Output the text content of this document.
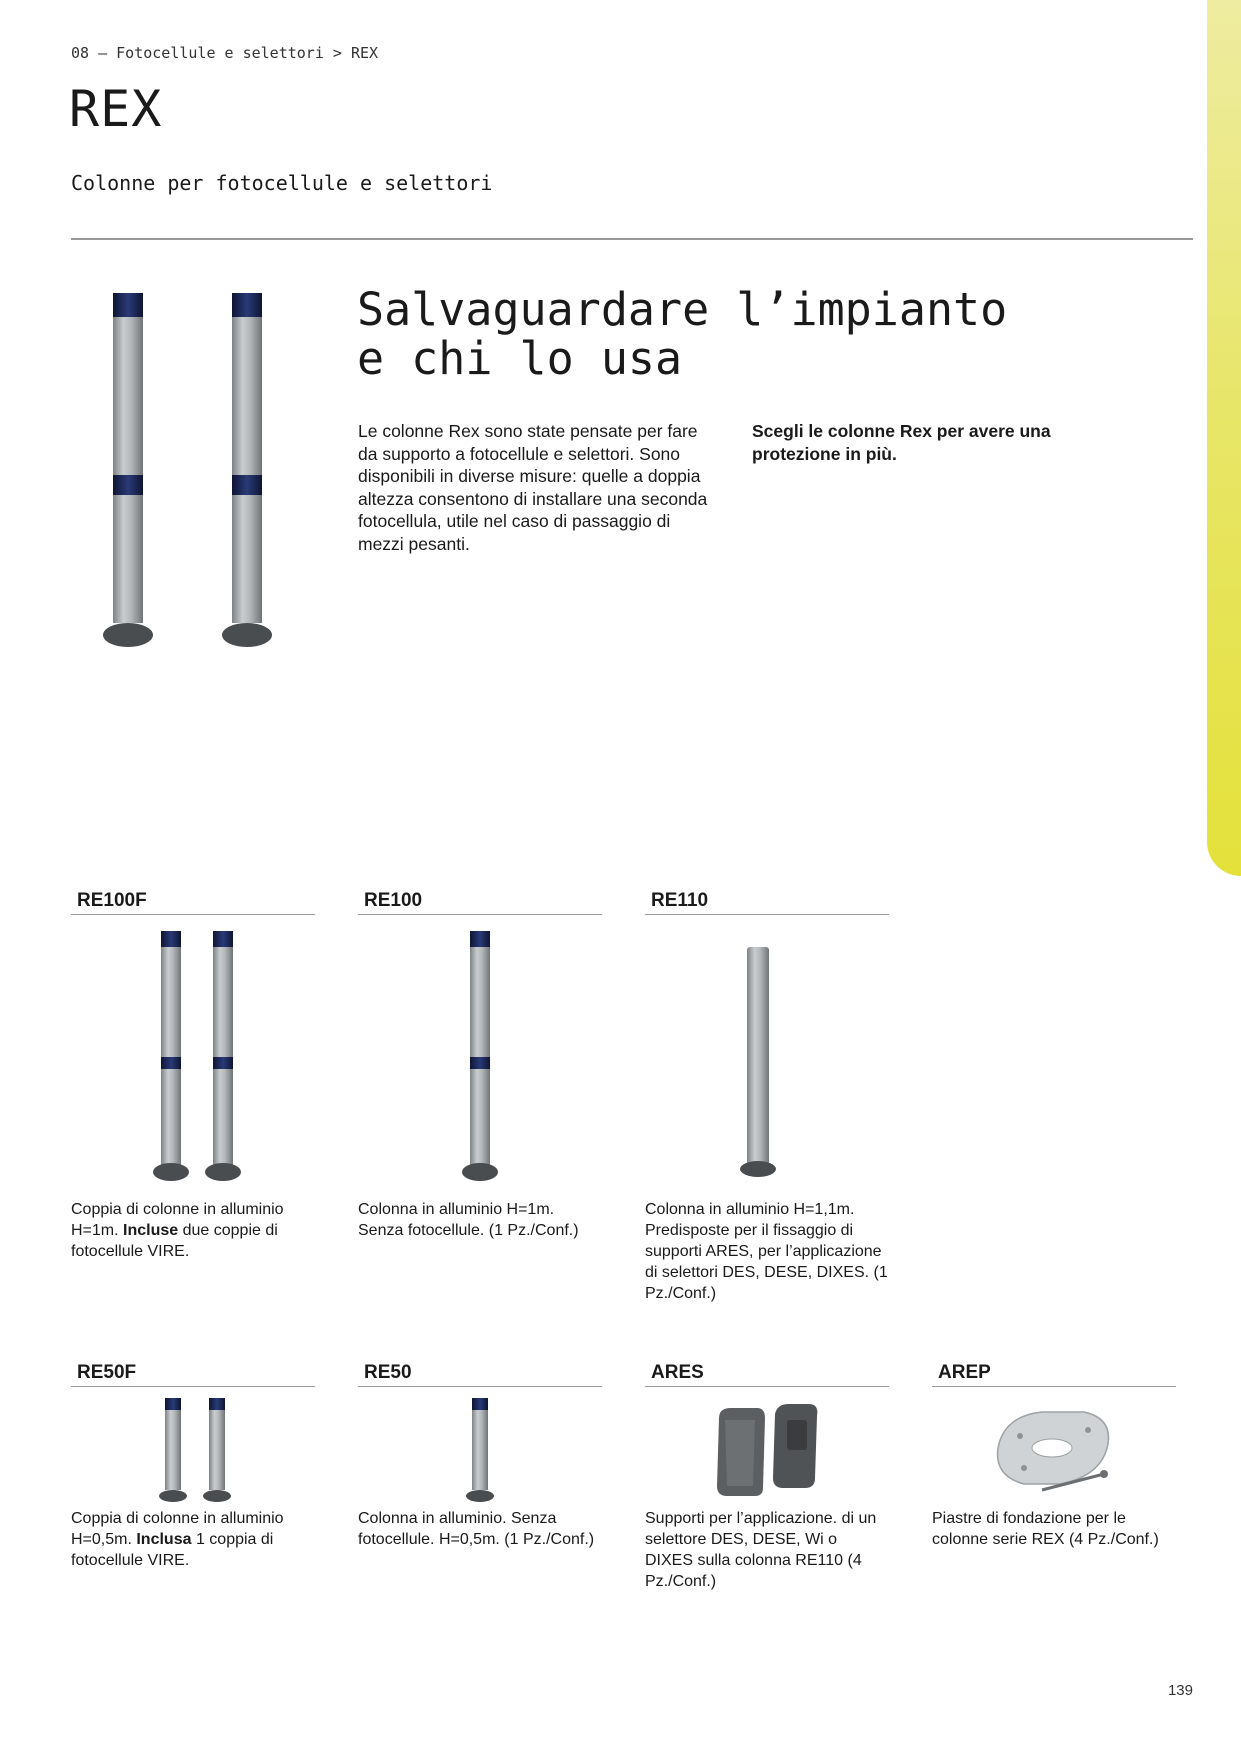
08 — Fotocellule e selettori > REX
REX
Colonne per fotocellule e selettori
Salvaguardare l’impianto
e chi lo usa

Le colonne Rex sono state pensate per fare da supporto a fotocellule e selettori. Sono disponibili in diverse misure: quelle a doppia altezza consentono di installare una seconda fotocellula, utile nel caso di passaggio di mezzi pesanti.

Scegli le colonne Rex per avere una protezione in più.

RE100F
Coppia di colonne in alluminio H=1m. Incluse due coppie di fotocellule VIRE.
RE100
Colonna in alluminio H=1m. Senza fotocellule. (1 Pz./Conf.)
RE110
Colonna in alluminio H=1,1m. Predisposte per il fissaggio di supporti ARES, per l’applicazione di selettori DES, DESE, DIXES. (1 Pz./Conf.)
RE50F
Coppia di colonne in alluminio H=0,5m. Inclusa 1 coppia di fotocellule VIRE.
RE50
Colonna in alluminio. Senza fotocellule. H=0,5m. (1 Pz./Conf.)
ARES
Supporti per l’applicazione. di un selettore DES, DESE, Wi o DIXES sulla colonna RE110 (4 Pz./Conf.)
AREP
Piastre di fondazione per le colonne serie REX (4 Pz./Conf.)
139
